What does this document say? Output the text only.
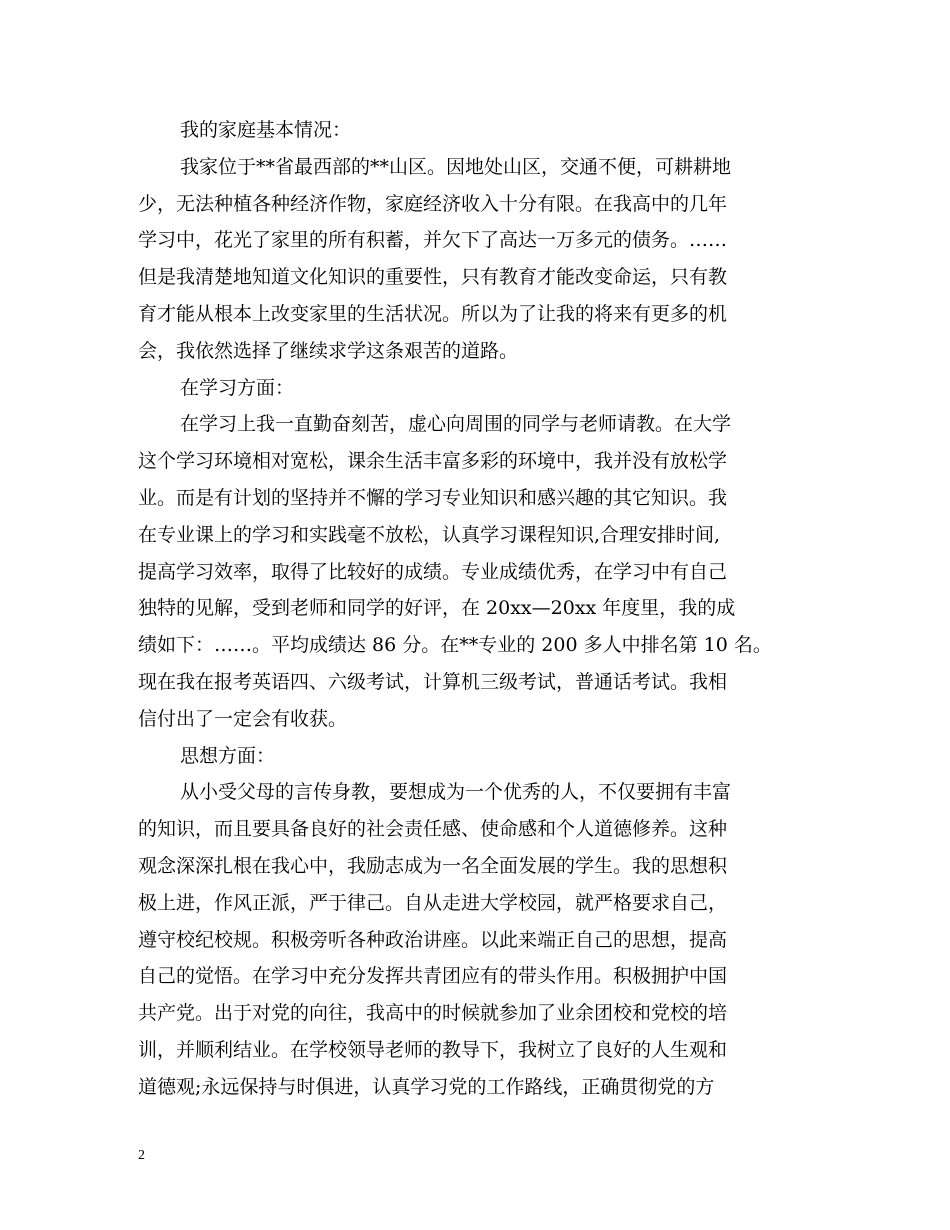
我的家庭基本情况：
我家位于**省最西部的**山区。因地处山区，交通不便，可耕耕地
少，无法种植各种经济作物，家庭经济收入十分有限。在我高中的几年
学习中，花光了家里的所有积蓄，并欠下了高达一万多元的债务。……
但是我清楚地知道文化知识的重要性，只有教育才能改变命运，只有教
育才能从根本上改变家里的生活状况。所以为了让我的将来有更多的机
会，我依然选择了继续求学这条艰苦的道路。
在学习方面：
在学习上我一直勤奋刻苦，虚心向周围的同学与老师请教。在大学
这个学习环境相对宽松，课余生活丰富多彩的环境中，我并没有放松学
业。而是有计划的坚持并不懈的学习专业知识和感兴趣的其它知识。我
在专业课上的学习和实践毫不放松，认真学习课程知识,合理安排时间,
提高学习效率，取得了比较好的成绩。专业成绩优秀，在学习中有自己
独特的见解，受到老师和同学的好评，在 20xx—20xx 年度里，我的成
绩如下：……。平均成绩达 86 分。在**专业的 200 多人中排名第 10 名。
现在我在报考英语四、六级考试，计算机三级考试，普通话考试。我相
信付出了一定会有收获。
思想方面：
从小受父母的言传身教，要想成为一个优秀的人，不仅要拥有丰富
的知识，而且要具备良好的社会责任感、使命感和个人道德修养。这种
观念深深扎根在我心中，我励志成为一名全面发展的学生。我的思想积
极上进，作风正派，严于律己。自从走进大学校园，就严格要求自己，
遵守校纪校规。积极旁听各种政治讲座。以此来端正自己的思想，提高
自己的觉悟。在学习中充分发挥共青团应有的带头作用。积极拥护中国
共产党。出于对党的向往，我高中的时候就参加了业余团校和党校的培
训，并顺利结业。在学校领导老师的教导下，我树立了良好的人生观和
道德观;永远保持与时俱进，认真学习党的工作路线，正确贯彻党的方
2
